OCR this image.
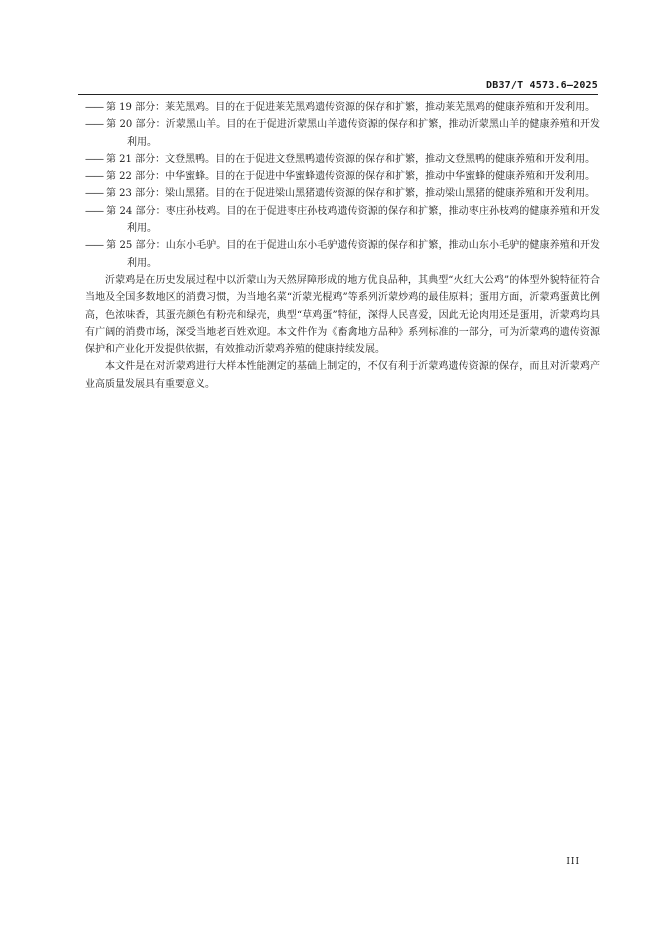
DB37/T 4573.6—2025
—— 第 19 部分：莱芜黑鸡。目的在于促进莱芜黑鸡遗传资源的保存和扩繁，推动莱芜黑鸡的健康养殖和开发利用。
—— 第 20 部分：沂蒙黑山羊。目的在于促进沂蒙黑山羊遗传资源的保存和扩繁，推动沂蒙黑山羊的健康养殖和开发利用。
—— 第 21 部分：文登黑鸭。目的在于促进文登黑鸭遗传资源的保存和扩繁，推动文登黑鸭的健康养殖和开发利用。
—— 第 22 部分：中华蜜蜂。目的在于促进中华蜜蜂遗传资源的保存和扩繁，推动中华蜜蜂的健康养殖和开发利用。
—— 第 23 部分：梁山黑猪。目的在于促进梁山黑猪遗传资源的保存和扩繁，推动梁山黑猪的健康养殖和开发利用。
—— 第 24 部分：枣庄孙枝鸡。目的在于促进枣庄孙枝鸡遗传资源的保存和扩繁，推动枣庄孙枝鸡的健康养殖和开发利用。
—— 第 25 部分：山东小毛驴。目的在于促进山东小毛驴遗传资源的保存和扩繁，推动山东小毛驴的健康养殖和开发利用。

沂蒙鸡是在历史发展过程中以沂蒙山为天然屏障形成的地方优良品种，其典型“火红大公鸡”的体型外貌特征符合当地及全国多数地区的消费习惯，为当地名菜“沂蒙光棍鸡”等系列沂蒙炒鸡的最佳原料；蛋用方面，沂蒙鸡蛋黄比例高，色浓味香，其蛋壳颜色有粉壳和绿壳，典型“草鸡蛋”特征，深得人民喜爱，因此无论肉用还是蛋用，沂蒙鸡均具有广阔的消费市场，深受当地老百姓欢迎。本文件作为《畜禽地方品种》系列标准的一部分，可为沂蒙鸡的遗传资源保护和产业化开发提供依据，有效推动沂蒙鸡养殖的健康持续发展。

本文件是在对沂蒙鸡进行大样本性能测定的基础上制定的，不仅有利于沂蒙鸡遗传资源的保存，而且对沂蒙鸡产业高质量发展具有重要意义。

III
